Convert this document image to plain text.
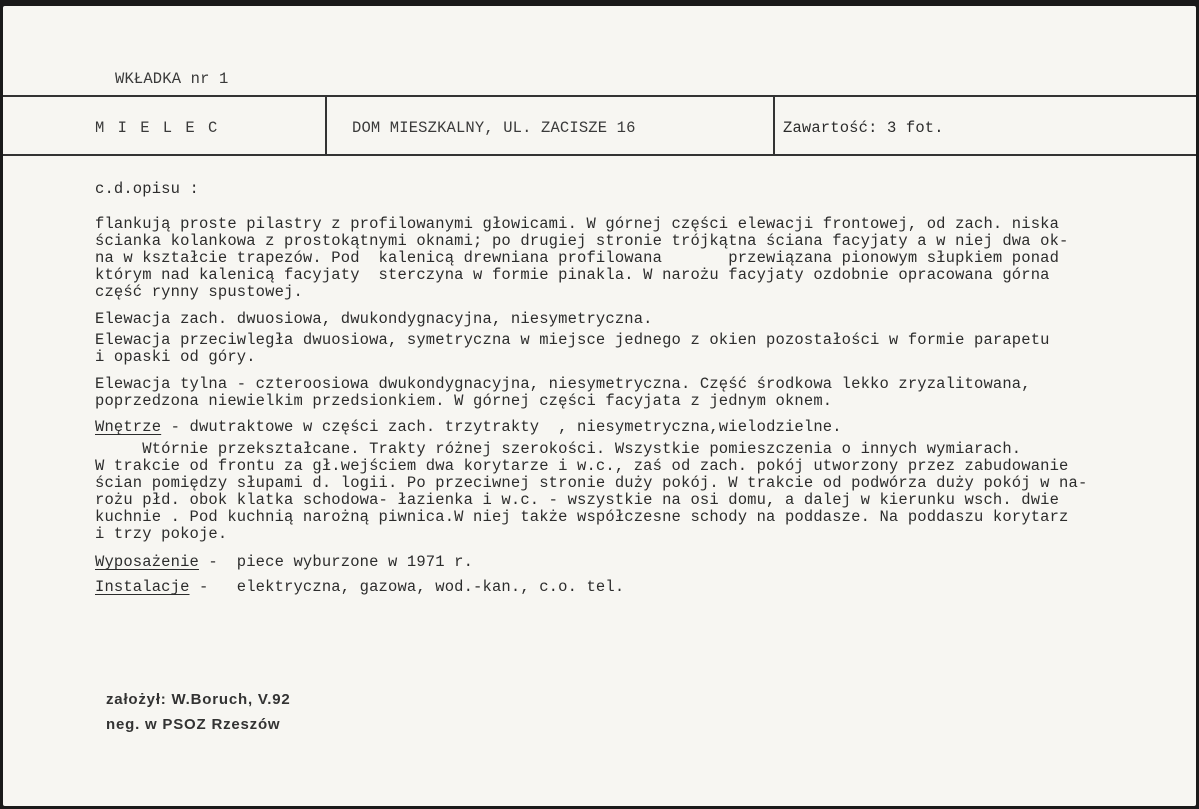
WKŁADKA nr 1
M I E L E C	DOM MIESZKALNY, UL. ZACISZE 16	Zawartość: 3 fot.
c.d.opisu :
flankują proste pilastry z profilowanymi głowicami. W górnej części elewacji frontowej, od zach. niska
ścianka kolankowa z prostokątnymi oknami; po drugiej stronie trójkątna ściana facyjaty a w niej dwa ok-
na w kształcie trapezów. Pod  kalenicą drewniana profilowana       przewiązana pionowym słupkiem ponad
którym nad kalenicą facyjaty  sterczyna w formie pinakla. W narożu facyjaty ozdobnie opracowana górna
część rynny spustowej.
Elewacja zach. dwuosiowa, dwukondygnacyjna, niesymetryczna.
Elewacja przeciwległa dwuosiowa, symetryczna w miejsce jednego z okien pozostałości w formie parapetu
i opaski od góry.
Elewacja tylna - czteroosiowa dwukondygnacyjna, niesymetryczna. Część środkowa lekko zryzalitowana,
poprzedzona niewielkim przedsionkiem. W górnej części facyjata z jednym oknem.
Wnętrze - dwutraktowe w części zach. trzytrakty  , niesymetryczna,wielodzielne.
Wtórnie przekształcane. Trakty różnej szerokości. Wszystkie pomieszczenia o innych wymiarach.
W trakcie od frontu za gł.wejściem dwa korytarze i w.c., zaś od zach. pokój utworzony przez zabudowanie
ścian pomiędzy słupami d. logii. Po przeciwnej stronie duży pokój. W trakcie od podwórza duży pokój w na-
rożu płd. obok klatka schodowa- łazienka i w.c. - wszystkie na osi domu, a dalej w kierunku wsch. dwie
kuchnie . Pod kuchnią narożną piwnica.W niej także współczesne schody na poddasze. Na poddaszu korytarz
i trzy pokoje.
Wyposażenie -  piece wyburzone w 1971 r.
Instalacje -   elektryczna, gazowa, wod.-kan., c.o. tel.
założył: W.Boruch, V.92
neg. w PSOZ Rzeszów
